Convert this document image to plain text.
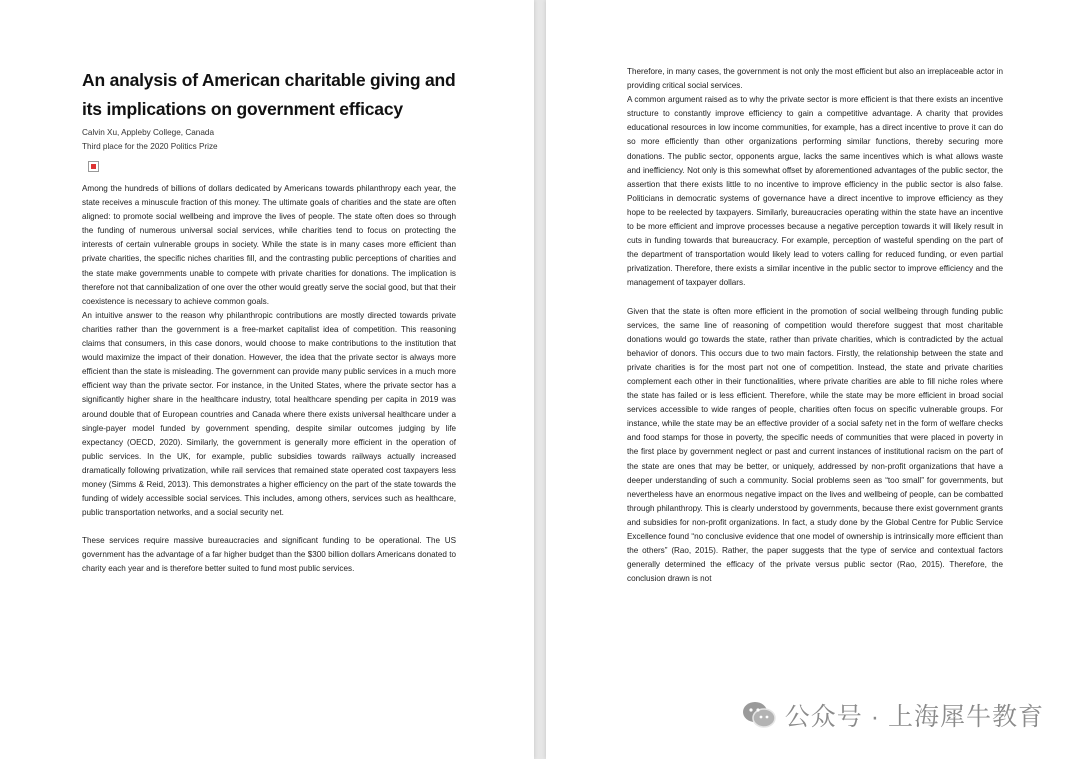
An analysis of American charitable giving and
its implications on government efficacy

Calvin Xu, Appleby College, Canada

Third place for the 2020 Politics Prize

Among the hundreds of billions of dollars dedicated by Americans towards philanthropy each year, the state receives a minuscule fraction of this money. The ultimate goals of charities and the state are often aligned: to promote social wellbeing and improve the lives of people. The state often does so through the funding of numerous universal social services, while charities tend to focus on protecting the interests of certain vulnerable groups in society. While the state is in many cases more efficient than private charities, the specific niches charities fill, and the contrasting public perceptions of charities and the state make governments unable to compete with private charities for donations. The implication is therefore not that cannibalization of one over the other would greatly serve the social good, but that their coexistence is necessary to achieve common goals.

An intuitive answer to the reason why philanthropic contributions are mostly directed towards private charities rather than the government is a free-market capitalist idea of competition. This reasoning claims that consumers, in this case donors, would choose to make contributions to the institution that would maximize the impact of their donation. However, the idea that the private sector is always more efficient than the state is misleading. The government can provide many public services in a much more efficient way than the private sector. For instance, in the United States, where the private sector has a significantly higher share in the healthcare industry, total healthcare spending per capita in 2019 was around double that of European countries and Canada where there exists universal healthcare under a single-payer model funded by government spending, despite similar outcomes judging by life expectancy (OECD, 2020). Similarly, the government is generally more efficient in the operation of public services. In the UK, for example, public subsidies towards railways actually increased dramatically following privatization, while rail services that remained state operated cost taxpayers less money (Simms & Reid, 2013). This demonstrates a higher efficiency on the part of the state towards the funding of widely accessible social services. This includes, among others, services such as healthcare, public transportation networks, and a social security net.

These services require massive bureaucracies and significant funding to be operational. The US government has the advantage of a far higher budget than the $300 billion dollars Americans donated to charity each year and is therefore better suited to fund most public services.

Therefore, in many cases, the government is not only the most efficient but also an irreplaceable actor in providing critical social services.

A common argument raised as to why the private sector is more efficient is that there exists an incentive structure to constantly improve efficiency to gain a competitive advantage. A charity that provides educational resources in low income communities, for example, has a direct incentive to prove it can do so more efficiently than other organizations performing similar functions, thereby securing more donations. The public sector, opponents argue, lacks the same incentives which is what allows waste and inefficiency. Not only is this somewhat offset by aforementioned advantages of the public sector, the assertion that there exists little to no incentive to improve efficiency in the public sector is also false. Politicians in democratic systems of governance have a direct incentive to improve efficiency as they hope to be reelected by taxpayers. Similarly, bureaucracies operating within the state have an incentive to be more efficient and improve processes because a negative perception towards it will likely result in cuts in funding towards that bureaucracy. For example, perception of wasteful spending on the part of the department of transportation would likely lead to voters calling for reduced funding, or even partial privatization. Therefore, there exists a similar incentive in the public sector to improve efficiency and the management of taxpayer dollars.

Given that the state is often more efficient in the promotion of social wellbeing through funding public services, the same line of reasoning of competition would therefore suggest that most charitable donations would go towards the state, rather than private charities, which is contradicted by the actual behavior of donors. This occurs due to two main factors. Firstly, the relationship between the state and private charities is for the most part not one of competition. Instead, the state and private charities complement each other in their functionalities, where private charities are able to fill niche roles where the state has failed or is less efficient. Therefore, while the state may be more efficient in broad social services accessible to wide ranges of people, charities often focus on specific vulnerable groups. For instance, while the state may be an effective provider of a social safety net in the form of welfare checks and food stamps for those in poverty, the specific needs of communities that were placed in poverty in the first place by government neglect or past and current instances of institutional racism on the part of the state are ones that may be better, or uniquely, addressed by non-profit organizations that have a deeper understanding of such a community. Social problems seen as “too small” for governments, but nevertheless have an enormous negative impact on the lives and wellbeing of people, can be combatted through philanthropy. This is clearly understood by governments, because there exist government grants and subsidies for non-profit organizations. In fact, a study done by the Global Centre for Public Service Excellence found “no conclusive evidence that one model of ownership is intrinsically more efficient than the others” (Rao, 2015). Rather, the paper suggests that the type of service and contextual factors generally determined the efficacy of the private versus public sector (Rao, 2015). Therefore, the conclusion drawn is not

公众号 · 上海犀牛教育
